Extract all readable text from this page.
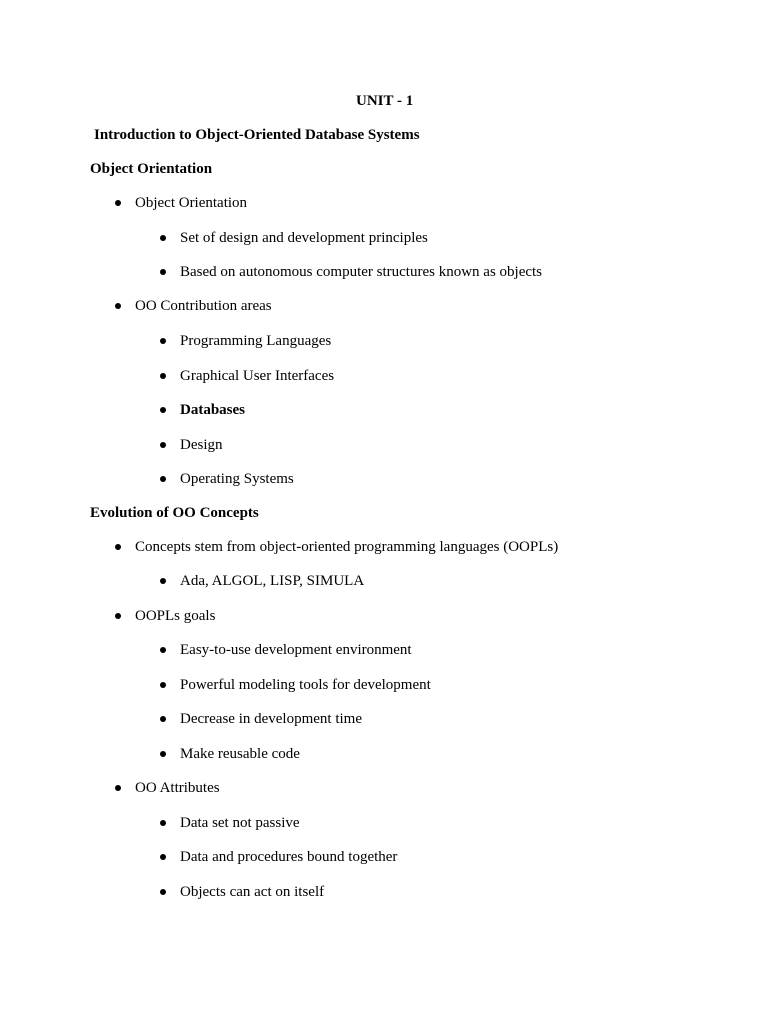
UNIT - 1
Introduction to Object-Oriented Database Systems
Object Orientation
Object Orientation
Set of design and development principles
Based on autonomous computer structures known as objects
OO Contribution areas
Programming Languages
Graphical User Interfaces
Databases
Design
Operating Systems
Evolution of OO Concepts
Concepts stem from object-oriented programming languages (OOPLs)
Ada, ALGOL, LISP, SIMULA
OOPLs goals
Easy-to-use development environment
Powerful modeling tools for development
Decrease in development time
Make reusable code
OO Attributes
Data set not passive
Data and procedures bound together
Objects can act on itself
